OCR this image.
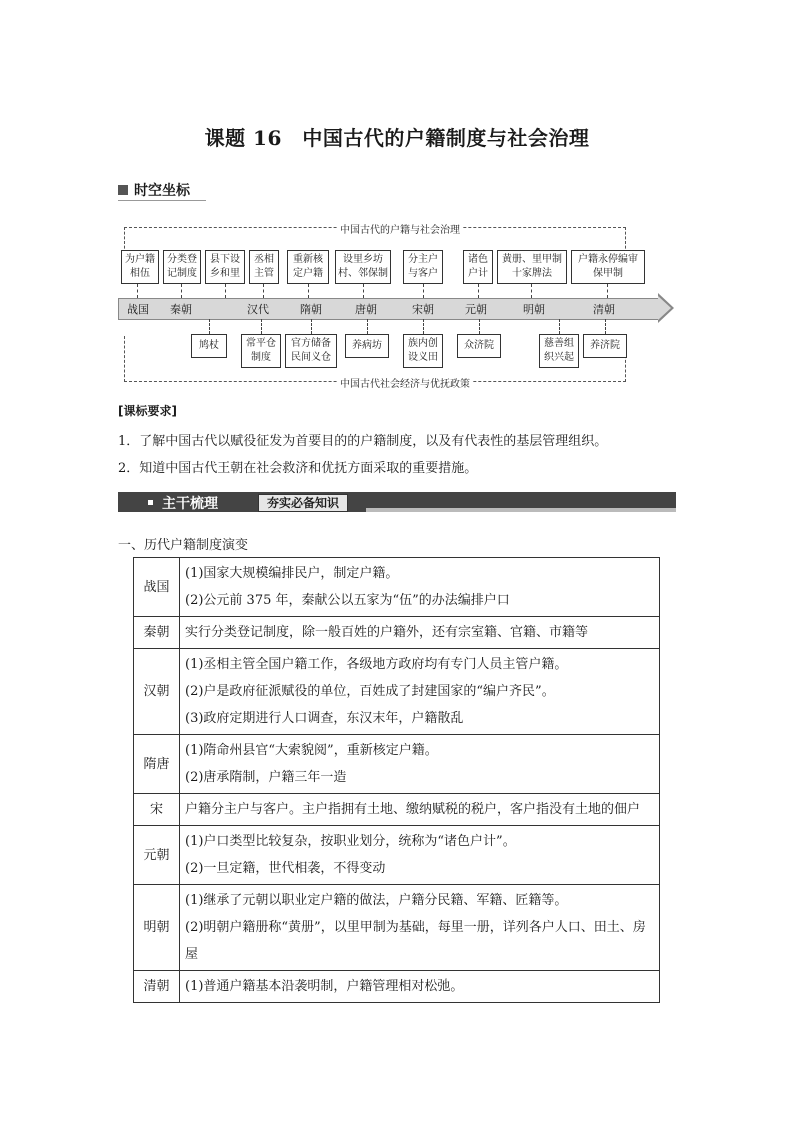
课题 16　中国古代的户籍制度与社会治理
时空坐标
中国古代的户籍与社会治理
中国古代社会经济与优抚政策
战国 秦朝	汉代	隋朝	唐朝	宋朝	元朝	明朝	清朝
为户籍相伍
分类登记制度
县下设乡和里
丞相主管
重新核定户籍
设里乡坊村、邻保制
分主户与客户
诸色户计
黄册、里甲制十家牌法
户籍永停编审保甲制
鸠杖	常平仓制度
官方储备民间义仓
养病坊	族内创设义田
众济院	慈善组织兴起
养济院
[课标要求]
1．了解中国古代以赋役征发为首要目的的户籍制度，以及有代表性的基层管理组织。
2．知道中国古代王朝在社会救济和优抚方面采取的重要措施。
主干梳理	夯实必备知识
一、历代户籍制度演变
战国	(1)国家大规模编排民户，制定户籍。
(2)公元前 375 年，秦献公以五家为“伍”的办法编排户口

秦朝	实行分类登记制度，除一般百姓的户籍外，还有宗室籍、官籍、市籍等

汉朝	(1)丞相主管全国户籍工作，各级地方政府均有专门人员主管户籍。
(2)户是政府征派赋役的单位，百姓成了封建国家的“编户齐民”。
(3)政府定期进行人口调查，东汉末年，户籍散乱

隋唐	(1)隋命州县官“大索貌阅”，重新核定户籍。
(2)唐承隋制，户籍三年一造

宋	户籍分主户与客户。主户指拥有土地、缴纳赋税的税户，客户指没有土地的佃户

元朝	(1)户口类型比较复杂，按职业划分，统称为“诸色户计”。
(2)一旦定籍，世代相袭，不得变动

明朝	(1)继承了元朝以职业定户籍的做法，户籍分民籍、军籍、匠籍等。
(2)明朝户籍册称“黄册”，以里甲制为基础，每里一册，详列各户人口、田土、房屋

清朝	(1)普通户籍基本沿袭明制，户籍管理相对松弛。
